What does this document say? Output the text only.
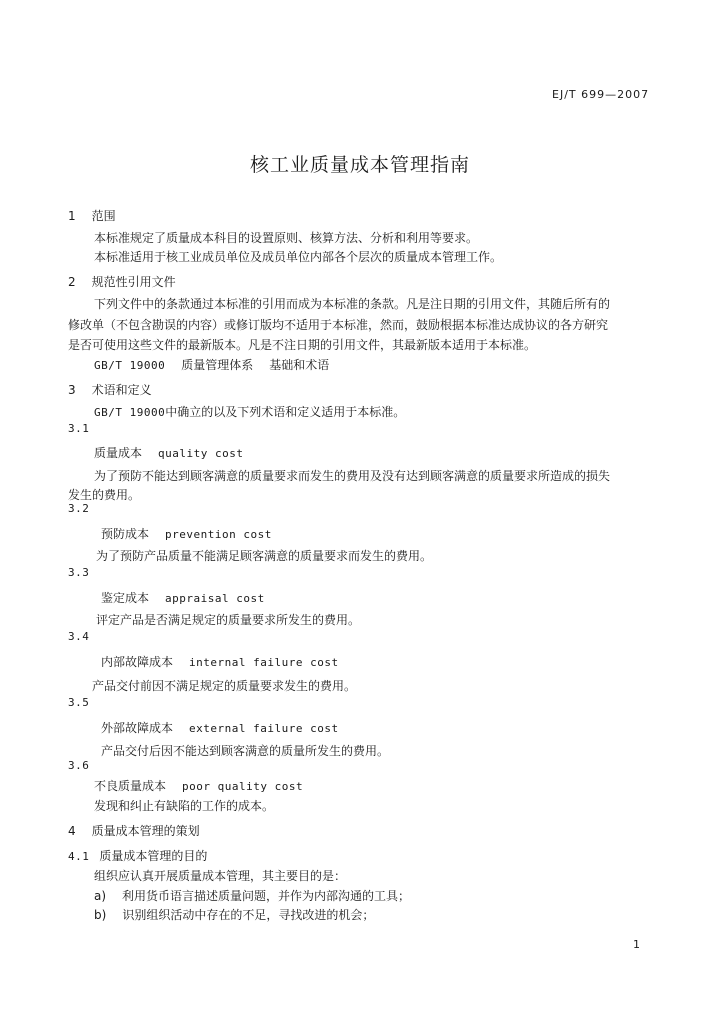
EJ/T 699—2007
核工业质量成本管理指南
1 范围
本标准规定了质量成本科目的设置原则、核算方法、分析和利用等要求。
本标准适用于核工业成员单位及成员单位内部各个层次的质量成本管理工作。
2 规范性引用文件
下列文件中的条款通过本标准的引用而成为本标准的条款。凡是注日期的引用文件，其随后所有的
修改单（不包含勘误的内容）或修订版均不适用于本标准，然而，鼓励根据本标准达成协议的各方研究
是否可使用这些文件的最新版本。凡是不注日期的引用文件，其最新版本适用于本标准。
GB/T 19000 质量管理体系 基础和术语
3 术语和定义
GB/T 19000中确立的以及下列术语和定义适用于本标准。
3.1
质量成本 quality cost
为了预防不能达到顾客满意的质量要求而发生的费用及没有达到顾客满意的质量要求所造成的损失
发生的费用。
3.2
预防成本 prevention cost
为了预防产品质量不能满足顾客满意的质量要求而发生的费用。
3.3
鉴定成本 appraisal cost
评定产品是否满足规定的质量要求所发生的费用。
3.4
内部故障成本 internal failure cost
产品交付前因不满足规定的质量要求发生的费用。
3.5
外部故障成本 external failure cost
产品交付后因不能达到顾客满意的质量所发生的费用。
3.6
不良质量成本 poor quality cost
发现和纠止有缺陷的工作的成本。
4 质量成本管理的策划
4.1 质量成本管理的目的
组织应认真开展质量成本管理，其主要目的是：
a) 利用货币语言描述质量问题，并作为内部沟通的工具；
b) 识别组织活动中存在的不足，寻找改进的机会；
1
